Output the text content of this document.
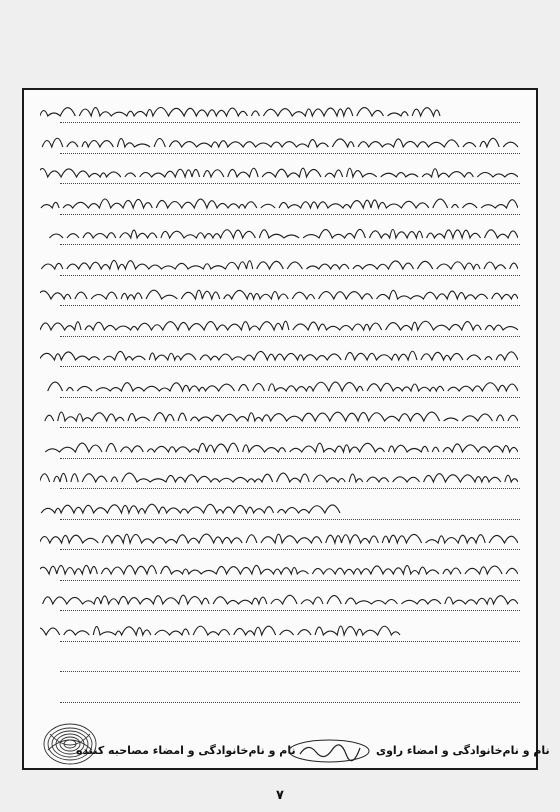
نام و نام‌خانوادگی و امضاء مصاحبه کننده	نام و نام‌خانوادگی و امضاء راوی
۷
